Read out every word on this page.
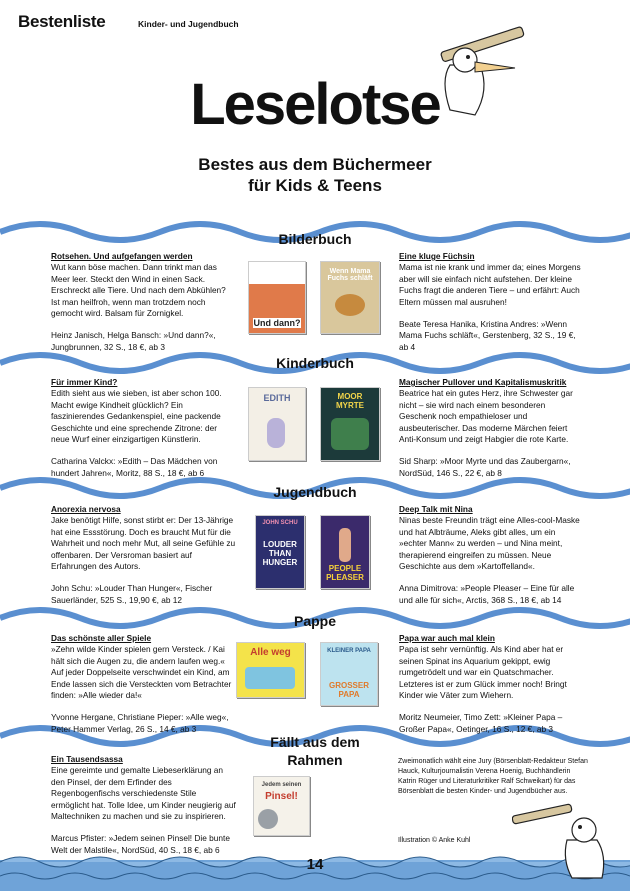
Bestenliste	Kinder- und Jugendbuch
Leselotse
Bestes aus dem Büchermeer
für Kids & Teens
Bilderbuch
Rotsehen. Und aufgefangen werden
Wut kann böse machen. Dann trinkt man das Meer leer. Steckt den Wind in einen Sack. Erschreckt alle Tiere. Und nach dem Abkühlen? Ist man heilfroh, wenn man trotzdem noch gemocht wird. Balsam für Zornigkel.
Heinz Janisch, Helga Bansch: »Und dann?«, Jungbrunnen, 32 S., 18 €, ab 3
Und dann?
Wenn Mama Fuchs schläft
Eine kluge Füchsin
Mama ist nie krank und immer da; eines Morgens aber will sie einfach nicht aufstehen. Der kleine Fuchs fragt die anderen Tiere – und erfährt: Auch Eltern müssen mal ausruhen!
Beate Teresa Hanika, Kristina Andres: »Wenn Mama Fuchs schläft«, Gerstenberg, 32 S., 19 €, ab 4
Kinderbuch
Für immer Kind?
Edith sieht aus wie sieben, ist aber schon 100. Macht ewige Kindheit glücklich? Ein faszinierendes Gedankenspiel, eine packende Geschichte und eine sprechende Zitrone: der neue Wurf einer einzigartigen Künstlerin.
Catharina Valckx: »Edith – Das Mädchen von hundert Jahren«, Moritz, 88 S., 18 €, ab 6
EDITH	MOOR MYRTE
Magischer Pullover und Kapitalismuskritik
Beatrice hat ein gutes Herz, ihre Schwester gar nicht – sie wird nach einem besonderen Geschenk noch empathieloser und ausbeuterischer. Das moderne Märchen feiert Anti-Konsum und zeigt Habgier die rote Karte.
Sid Sharp: »Moor Myrte und das Zaubergarn«, NordSüd, 146 S., 22 €, ab 8
Jugendbuch
Anorexia nervosa
Jake benötigt Hilfe, sonst stirbt er: Der 13-Jährige hat eine Essstörung. Doch es braucht Mut für die Wahrheit und noch mehr Mut, all seine Gefühle zu offenbaren. Der Versroman basiert auf Erfahrungen des Autors.
John Schu: »Louder Than Hunger«, Fischer Sauerländer, 525 S., 19,90 €, ab 12
JOHN SCHU
LOUDER THAN HUNGER
PEOPLE PLEASER
Deep Talk mit Nina
Ninas beste Freundin trägt eine Alles-cool-Maske und hat Albträume, Aleks gibt alles, um ein »echter Mann« zu werden – und Nina meint, therapierend eingreifen zu müssen. Neue Geschichte aus dem »Kartoffelland«.
Anna Dimitrova: »People Pleaser – Eine für alle und alle für sich«, Arctis, 368 S., 18 €, ab 14
Pappe
Das schönste aller Spiele
»Zehn wilde Kinder spielen gern Versteck. / Kai hält sich die Augen zu, die andern laufen weg.« Auf jeder Doppelseite verschwindet ein Kind, am Ende lassen sich die Versteckten vom Betrachter finden: »Alle wieder da!«
Yvonne Hergane, Christiane Pieper: »Alle weg«, Peter Hammer Verlag, 26 S., 14 €, ab 3
Alle weg	KLEINER PAPA
GROSSER PAPA
Papa war auch mal klein
Papa ist sehr vernünftig. Als Kind aber hat er seinen Spinat ins Aquarium gekippt, ewig rumgetrödelt und war ein Quatschmacher. Letzteres ist er zum Glück immer noch! Bringt Kinder wie Väter zum Wiehern.
Moritz Neumeier, Timo Zett: »Kleiner Papa – Großer Papa«, Oetinger, 16 S., 12 €, ab 3
Fällt aus dem
Rahmen
Ein Tausendsassa
Eine gereimte und gemalte Liebeserklärung an den Pinsel, der dem Erfinder des Regenbogenfischs verschiedenste Stile ermöglicht hat. Tolle Idee, um Kinder neugierig auf Maltechniken zu machen und sie zu inspirieren.
Marcus Pfister: »Jedem seinen Pinsel! Die bunte Welt der Malstile«, NordSüd, 40 S., 18 €, ab 6
Jedem seinen
Pinsel!
Zweimonatlich wählt eine Jury (Börsenblatt-Redakteur Stefan Hauck, Kulturjournalistin Verena Hoenig, Buchhändlerin Katrin Rüger und Literaturkritiker Ralf Schweikart) für das Börsenblatt die besten Kinder- und Jugendbücher aus.
Illustration © Anke Kuhl
14
